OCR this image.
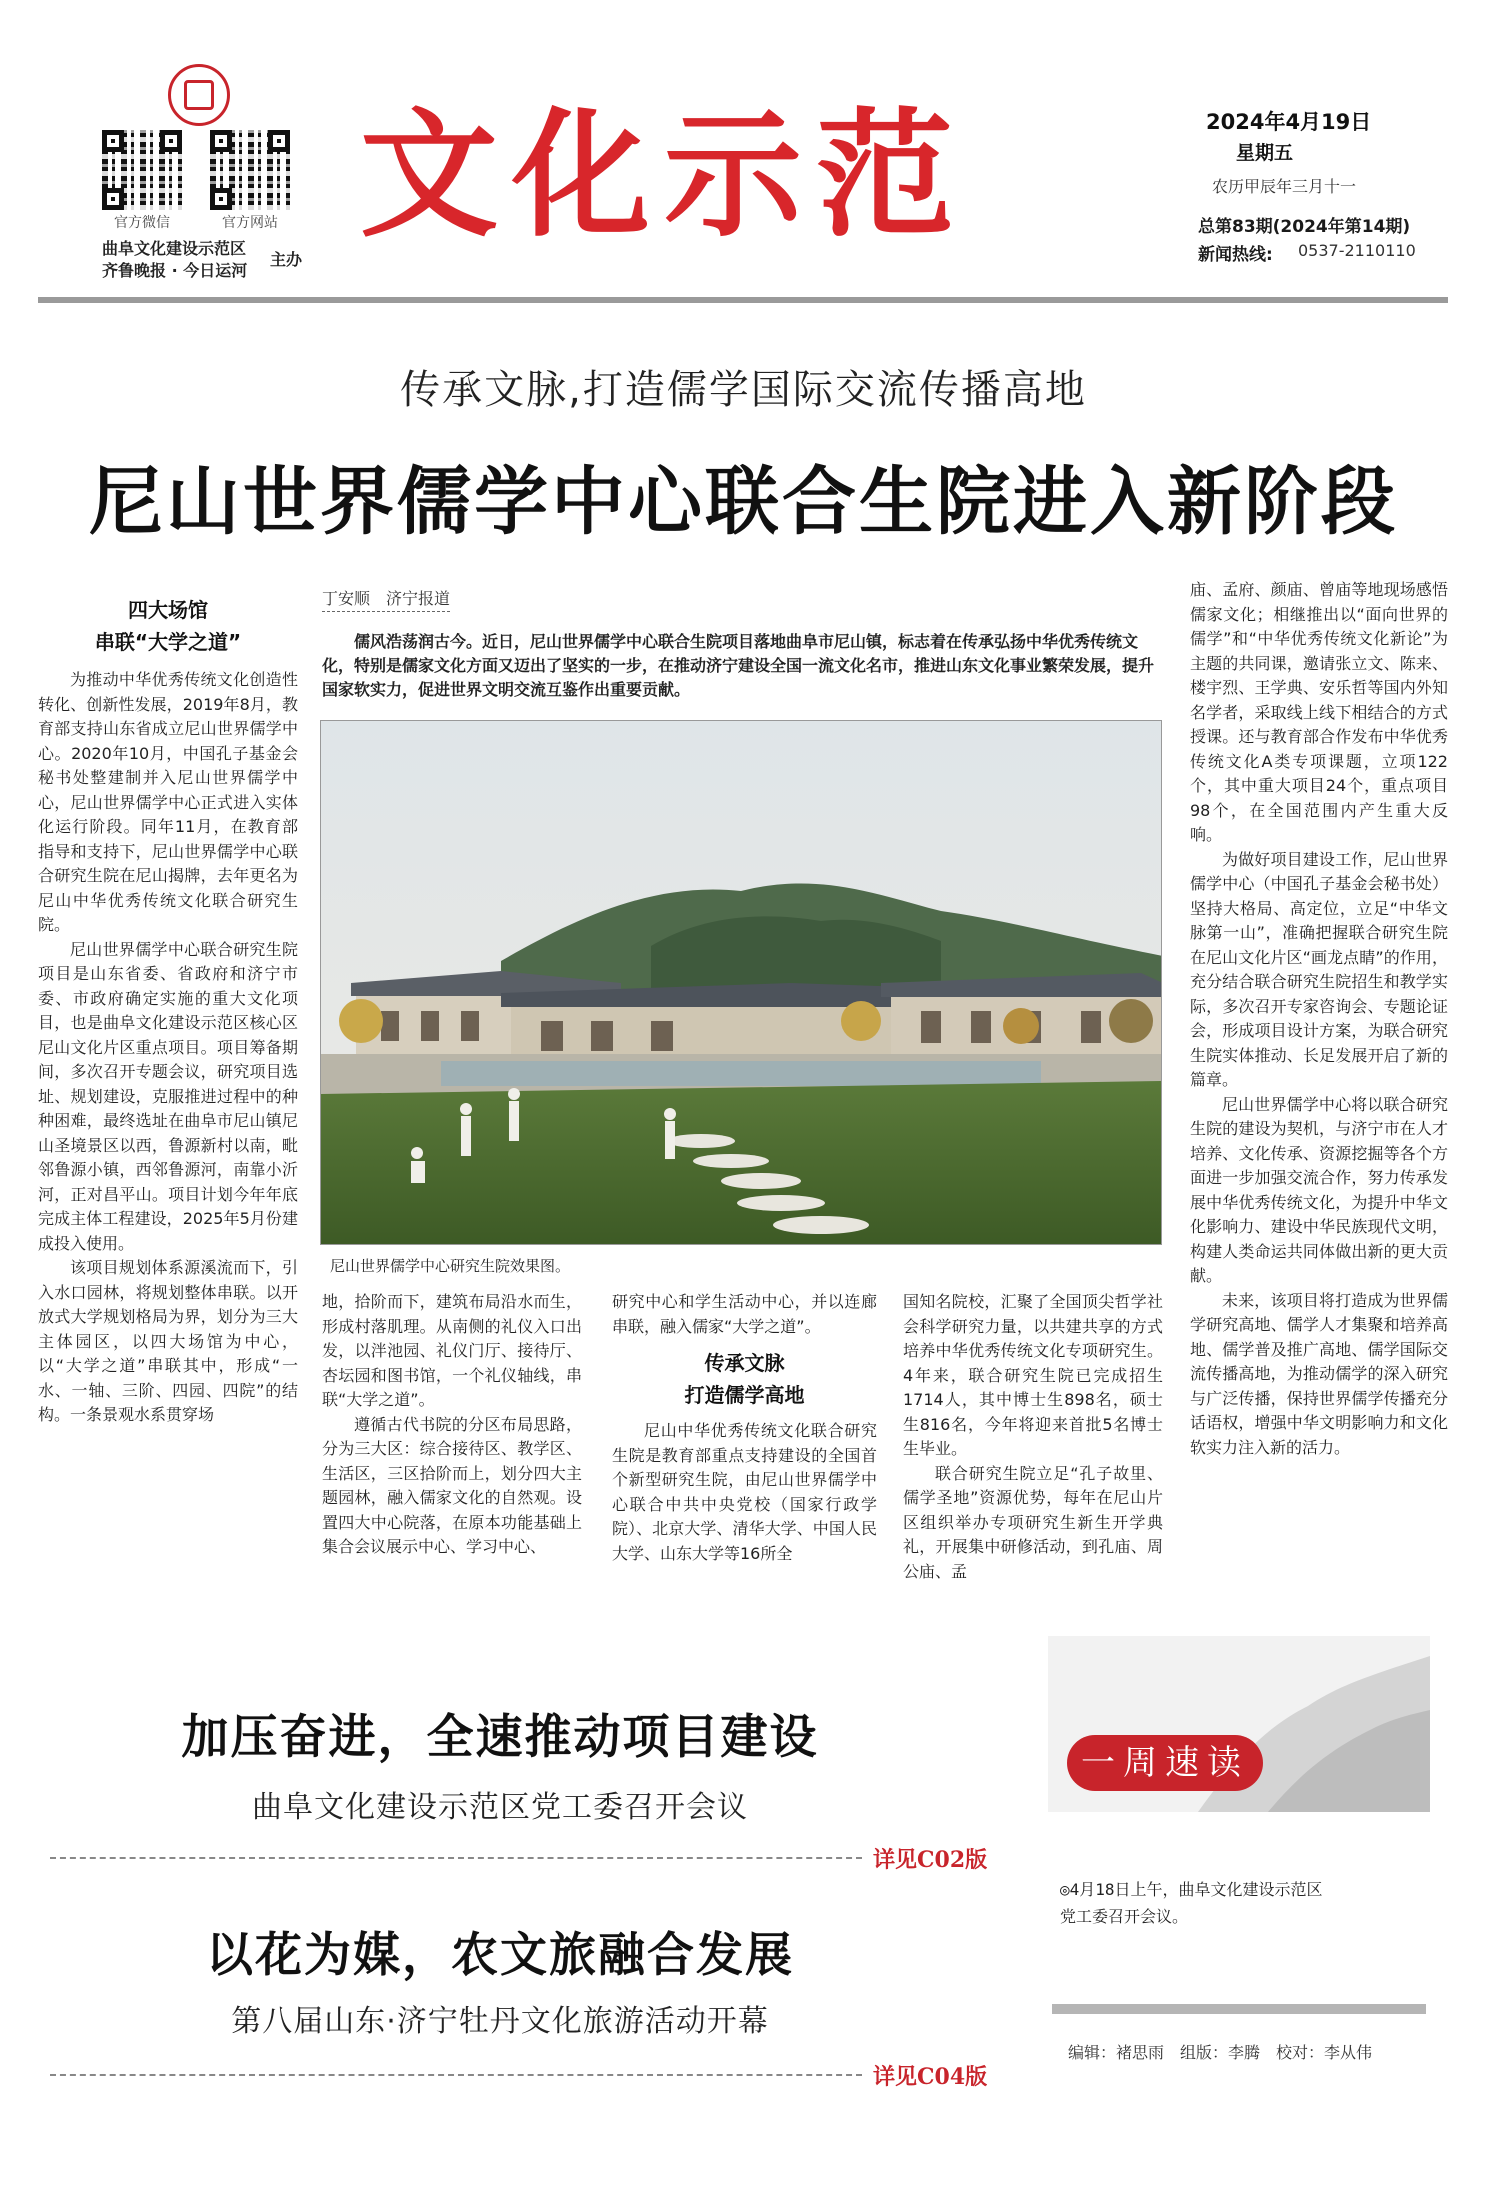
官方微信	官方网站
曲阜文化建设示范区
齐鲁晚报 · 今日运河
主办
文化示范	2024年4月19日
星期五
农历甲辰年三月十一
总第83期(2024年第14期)
新闻热线: 0537-2110110
传承文脉,打造儒学国际交流传播高地
尼山世界儒学中心联合生院进入新阶段
四大场馆
串联“大学之道”

为推动中华优秀传统文化创造性转化、创新性发展，2019年8月，教育部支持山东省成立尼山世界儒学中心。2020年10月，中国孔子基金会秘书处整建制并入尼山世界儒学中心，尼山世界儒学中心正式进入实体化运行阶段。同年11月，在教育部指导和支持下，尼山世界儒学中心联合研究生院在尼山揭牌，去年更名为尼山中华优秀传统文化联合研究生院。

尼山世界儒学中心联合研究生院项目是山东省委、省政府和济宁市委、市政府确定实施的重大文化项目，也是曲阜文化建设示范区核心区尼山文化片区重点项目。项目筹备期间，多次召开专题会议，研究项目选址、规划建设，克服推进过程中的种种困难，最终选址在曲阜市尼山镇尼山圣境景区以西，鲁源新村以南，毗邻鲁源小镇，西邻鲁源河，南靠小沂河，正对昌平山。项目计划今年年底完成主体工程建设，2025年5月份建成投入使用。

该项目规划体系源溪流而下，引入水口园林，将规划整体串联。以开放式大学规划格局为界，划分为三大主体园区，以四大场馆为中心，以“大学之道”串联其中，形成“一水、一轴、三阶、四园、四院”的结构。一条景观水系贯穿场

丁安顺　济宁报道
儒风浩荡润古今。近日，尼山世界儒学中心联合生院项目落地曲阜市尼山镇，标志着在传承弘扬中华优秀传统文化，特别是儒家文化方面又迈出了坚实的一步，在推动济宁建设全国一流文化名市，推进山东文化事业繁荣发展，提升国家软实力，促进世界文明交流互鉴作出重要贡献。
尼山世界儒学中心研究生院效果图。

地，拾阶而下，建筑布局沿水而生，形成村落肌理。从南侧的礼仪入口出发，以泮池园、礼仪门厅、接待厅、杏坛园和图书馆，一个礼仪轴线，串联“大学之道”。

遵循古代书院的分区布局思路，分为三大区：综合接待区、教学区、生活区，三区拾阶而上，划分四大主题园林，融入儒家文化的自然观。设置四大中心院落，在原本功能基础上集合会议展示中心、学习中心、

研究中心和学生活动中心，并以连廊串联，融入儒家“大学之道”。

传承文脉
打造儒学高地

尼山中华优秀传统文化联合研究生院是教育部重点支持建设的全国首个新型研究生院，由尼山世界儒学中心联合中共中央党校（国家行政学院）、北京大学、清华大学、中国人民大学、山东大学等16所全

国知名院校，汇聚了全国顶尖哲学社会科学研究力量，以共建共享的方式培养中华优秀传统文化专项研究生。4年来，联合研究生院已完成招生1714人，其中博士生898名，硕士生816名，今年将迎来首批5名博士生毕业。

联合研究生院立足“孔子故里、儒学圣地”资源优势，每年在尼山片区组织举办专项研究生新生开学典礼，开展集中研修活动，到孔庙、周公庙、孟

庙、孟府、颜庙、曾庙等地现场感悟儒家文化；相继推出以“面向世界的儒学”和“中华优秀传统文化新论”为主题的共同课，邀请张立文、陈来、楼宇烈、王学典、安乐哲等国内外知名学者，采取线上线下相结合的方式授课。还与教育部合作发布中华优秀传统文化A类专项课题，立项122个，其中重大项目24个，重点项目98个，在全国范围内产生重大反响。

为做好项目建设工作，尼山世界儒学中心（中国孔子基金会秘书处）坚持大格局、高定位，立足“中华文脉第一山”，准确把握联合研究生院在尼山文化片区“画龙点睛”的作用，充分结合联合研究生院招生和教学实际，多次召开专家咨询会、专题论证会，形成项目设计方案，为联合研究生院实体推动、长足发展开启了新的篇章。

尼山世界儒学中心将以联合研究生院的建设为契机，与济宁市在人才培养、文化传承、资源挖掘等各个方面进一步加强交流合作，努力传承发展中华优秀传统文化，为提升中华文化影响力、建设中华民族现代文明，构建人类命运共同体做出新的更大贡献。

未来，该项目将打造成为世界儒学研究高地、儒学人才集聚和培养高地、儒学普及推广高地、儒学国际交流传播高地，为推动儒学的深入研究与广泛传播，保持世界儒学传播充分话语权，增强中华文明影响力和文化软实力注入新的活力。

加压奋进，全速推动项目建设
曲阜文化建设示范区党工委召开会议
详见C02版
以花为媒，农文旅融合发展
第八届山东·济宁牡丹文化旅游活动开幕
详见C04版
一周速读
◎4月18日上午，曲阜文化建设示范区
党工委召开会议。
编辑：褚思雨　组版：李腾　校对：李从伟
